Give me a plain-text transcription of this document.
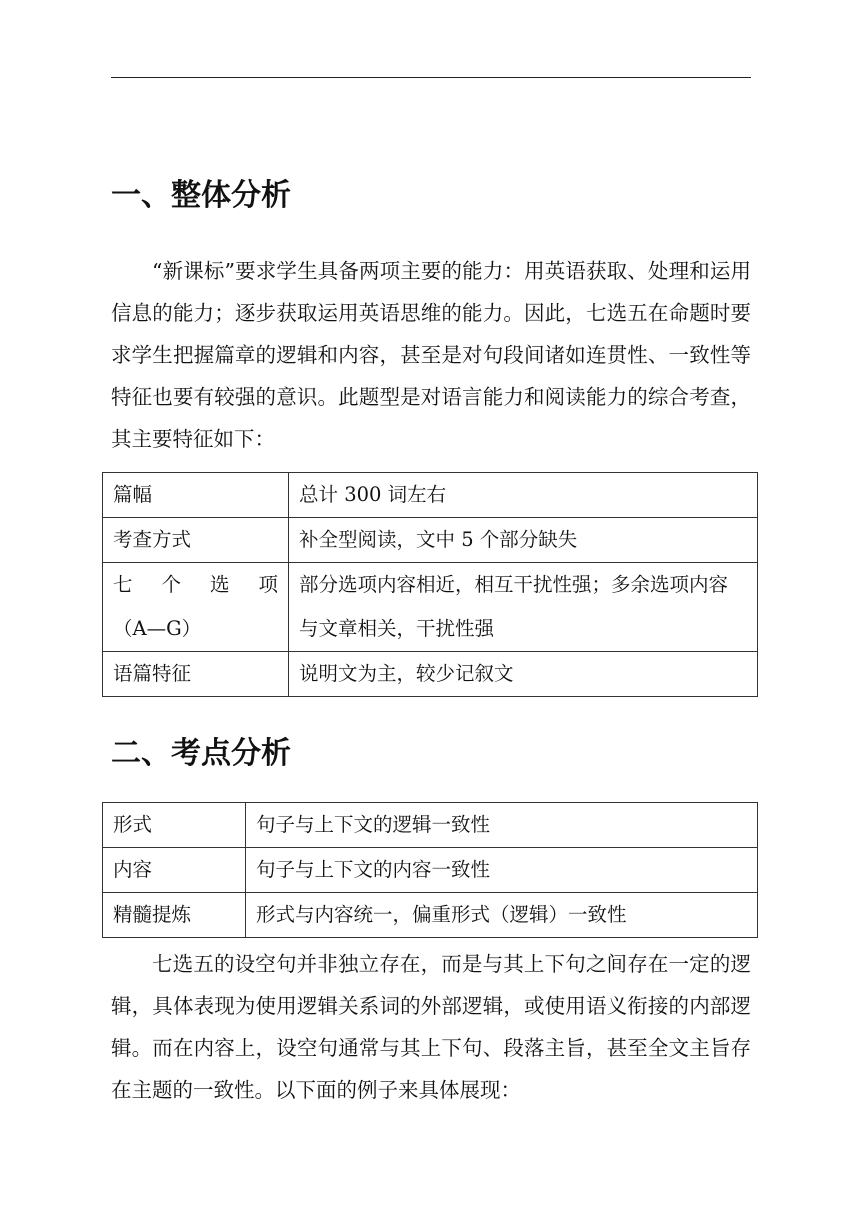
一、整体分析

“新课标”要求学生具备两项主要的能力：用英语获取、处理和运用信息的能力；逐步获取运用英语思维的能力。因此，七选五在命题时要求学生把握篇章的逻辑和内容，甚至是对句段间诸如连贯性、一致性等特征也要有较强的意识。此题型是对语言能力和阅读能力的综合考查，其主要特征如下：

篇幅	总计 300 词左右
考查方式	补全型阅读，文中 5 个部分缺失

七个选项
（A—G）	部分选项内容相近，相互干扰性强；多余选项内容与文章相关，干扰性强
语篇特征	说明文为主，较少记叙文
二、考点分析
形式	句子与上下文的逻辑一致性
内容	句子与上下文的内容一致性
精髓提炼	形式与内容统一，偏重形式（逻辑）一致性

七选五的设空句并非独立存在，而是与其上下句之间存在一定的逻辑，具体表现为使用逻辑关系词的外部逻辑，或使用语义衔接的内部逻辑。而在内容上，设空句通常与其上下句、段落主旨，甚至全文主旨存在主题的一致性。以下面的例子来具体展现：
